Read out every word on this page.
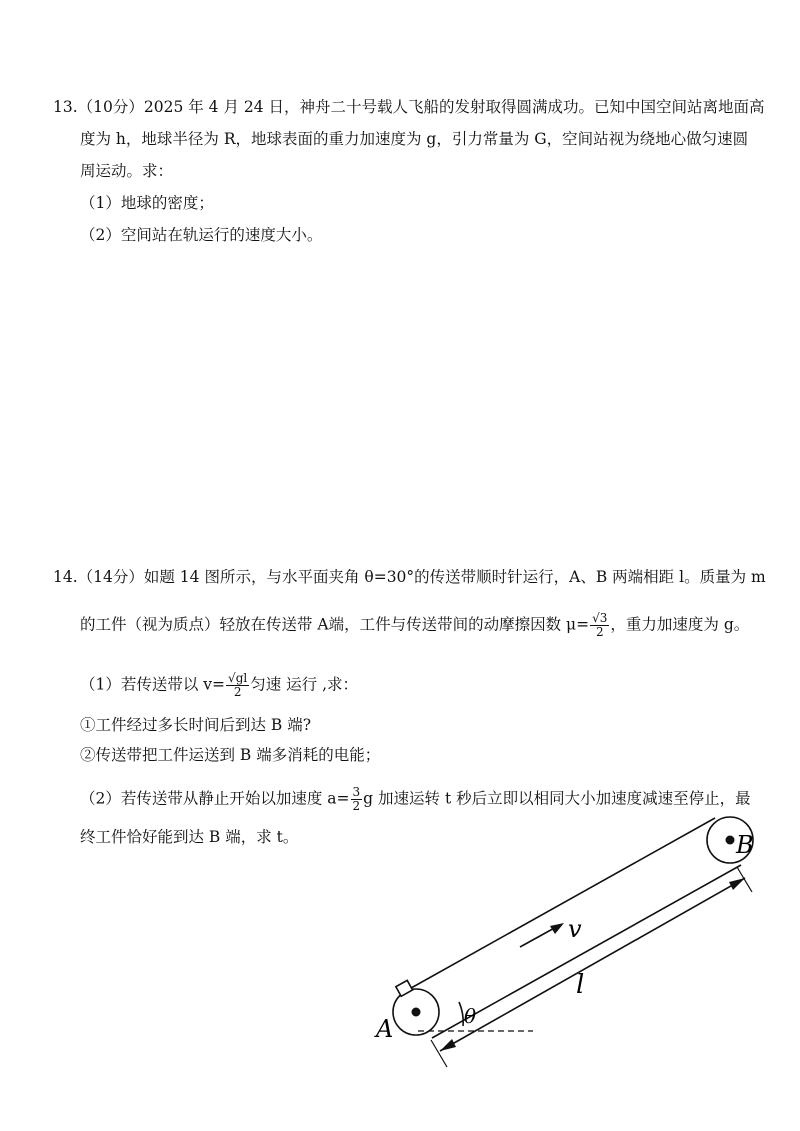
13.（10分）2025 年 4 月 24 日，神舟二十号载人飞船的发射取得圆满成功。已知中国空间站离地面高
度为 h，地球半径为 R，地球表面的重力加速度为 g，引力常量为 G，空间站视为绕地心做匀速圆
周运动。求：
（1）地球的密度；
（2）空间站在轨运行的速度大小。
14.（14分）如题 14 图所示，与水平面夹角 θ=30°的传送带顺时针运行，A、B 两端相距 l。质量为 m
的工件（视为质点）轻放在传送带 A端，工件与传送带间的动摩擦因数 $\mu= \frac{√3}{2}$ ，重力加速度为 g。
（1）若传送带以 $v= \frac{√gl}{2}$ 匀速 运行 ,求：
①工件经过多长时间后到达 B 端?
②传送带把工件运送到 B 端多消耗的电能；
（2）若传送带从静止开始以加速度 $a= \frac{3}{2}$ g 加速运转 t 秒后立即以相同大小加速度减速至停止，最
终工件恰好能到达 B 端，求 t。
A
B
v
l
θ
